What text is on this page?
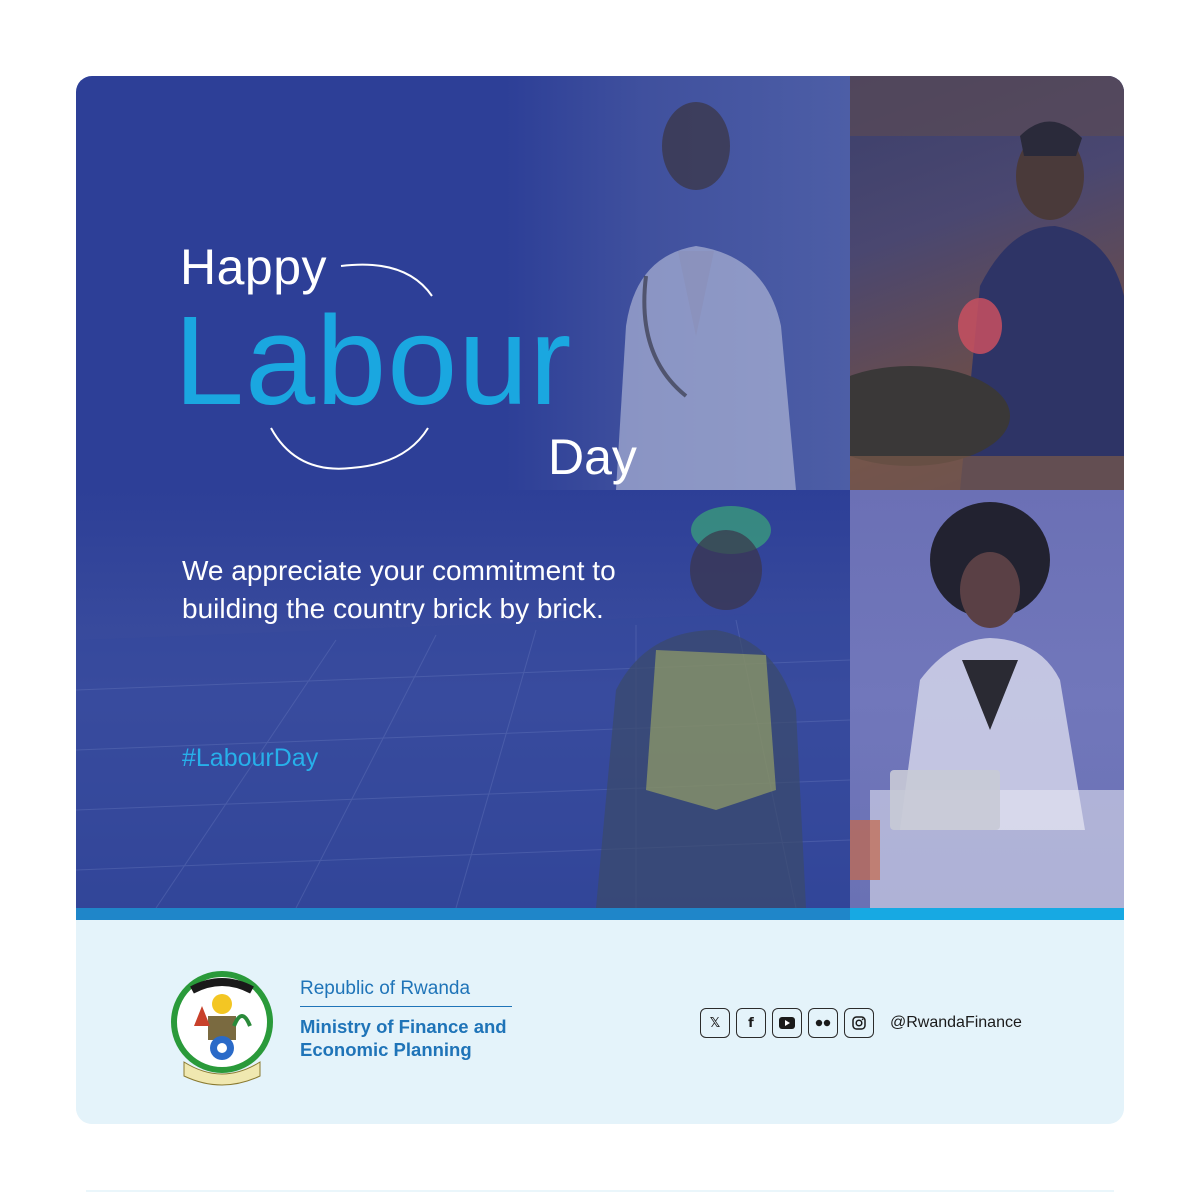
Happy
Labour
Day
We appreciate your commitment to building the country brick by brick.
#LabourDay
Republic of Rwanda
Ministry of Finance and Economic Planning
𝕏	f	@RwandaFinance
